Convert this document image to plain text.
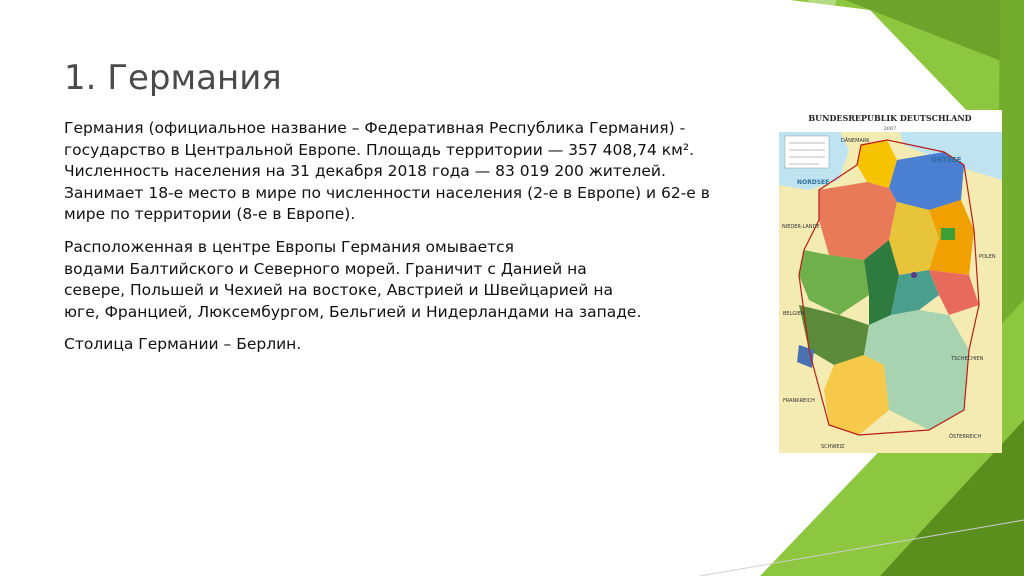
1. Германия

Германия (официальное название – Федеративная Республика Германия) -
государство в Центральной Европе. Площадь территории — 357 408,74 км².
Численность населения на 31 декабря 2018 года — 83 019 200 жителей.
Занимает 18-е место в мире по численности населения (2-е в Европе) и 62-е в
мире по территории (8-е в Европе).

Расположенная в центре Европы Германия омывается
водами Балтийского и Северного морей. Граничит с Данией на
севере, Польшей и Чехией на востоке, Австрией и Швейцарией на
юге, Францией, Люксембургом, Бельгией и Нидерландами на западе.

Столица Германии – Берлин.

BUNDESREPUBLIK DEUTSCHLAND
2007
DÄNEMARK
OSTSEE
NORDSEE
NIEDER-LANDE
POLEN
BELGIEN
TSCHECHIEN
FRANKREICH
ÖSTERREICH
SCHWEIZ
